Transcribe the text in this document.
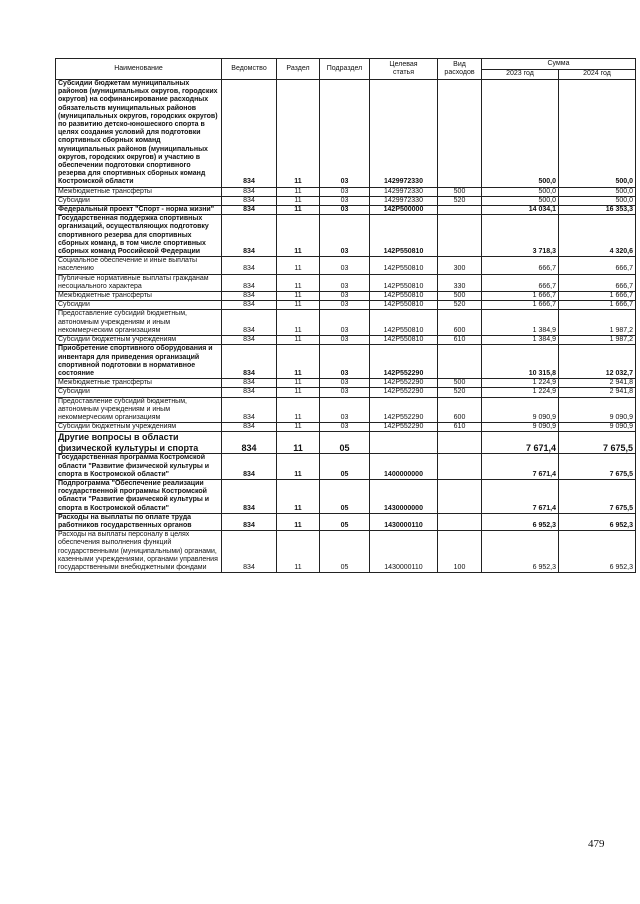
Наименование	Ведомство	Раздел	Подраздел	Целевая
статья	Вид
расходов	Сумма	
						2023 год	2024 год
Субсидии бюджетам муниципальных районов (муниципальных округов, городских округов) на софинансирование расходных обязательств муниципальных районов (муниципальных округов, городских округов) по развитию детско-юношеского спорта в целях создания условий для подготовки спортивных сборных команд муниципальных районов (муниципальных округов, городских округов) и участию в обеспечении подготовки спортивного резерва для спортивных сборных команд Костромской области	834	11	03	1429972330		500,0	500,0
Межбюджетные трансферты	834	11	03	1429972330	500	500,0	500,0
Субсидии	834	11	03	1429972330	520	500,0	500,0
Федеральный проект "Спорт - норма жизни"	834	11	03	142P500000		14 034,1	16 353,3
Государственная поддержка спортивных организаций, осуществляющих подготовку спортивного резерва для спортивных сборных команд, в том числе спортивных сборных команд Российской Федерации	834	11	03	142P550810		3 718,3	4 320,6
Социальное обеспечение и иные выплаты населению	834	11	03	142P550810	300	666,7	666,7
Публичные нормативные выплаты гражданам несоциального характера	834	11	03	142P550810	330	666,7	666,7
Межбюджетные трансферты	834	11	03	142P550810	500	1 666,7	1 666,7
Субсидии	834	11	03	142P550810	520	1 666,7	1 666,7
Предоставление субсидий бюджетным, автономным учреждениям и иным некоммерческим организациям	834	11	03	142P550810	600	1 384,9	1 987,2
Субсидии бюджетным учреждениям	834	11	03	142P550810	610	1 384,9	1 987,2
Приобретение спортивного оборудования и инвентаря для приведения организаций спортивной подготовки в нормативное состояние	834	11	03	142P552290		10 315,8	12 032,7
Межбюджетные трансферты	834	11	03	142P552290	500	1 224,9	2 941,8
Субсидии	834	11	03	142P552290	520	1 224,9	2 941,8
Предоставление субсидий бюджетным, автономным учреждениям и иным некоммерческим организациям	834	11	03	142P552290	600	9 090,9	9 090,9
Субсидии бюджетным учреждениям	834	11	03	142P552290	610	9 090,9	9 090,9
Другие вопросы в области физической культуры и спорта	834	11	05			7 671,4	7 675,5
Государственная программа Костромской области "Развитие физической культуры и спорта в Костромской области"	834	11	05	1400000000		7 671,4	7 675,5
Подпрограмма "Обеспечение реализации государственной программы Костромской области "Развитие физической культуры и спорта в Костромской области"	834	11	05	1430000000		7 671,4	7 675,5
Расходы на выплаты по оплате труда работников государственных органов	834	11	05	1430000110		6 952,3	6 952,3
Расходы на выплаты персоналу в целях обеспечения выполнения функций государственными (муниципальными) органами, казенными учреждениями, органами управления государственными внебюджетными фондами	834	11	05	1430000110	100	6 952,3	6 952,3
479
